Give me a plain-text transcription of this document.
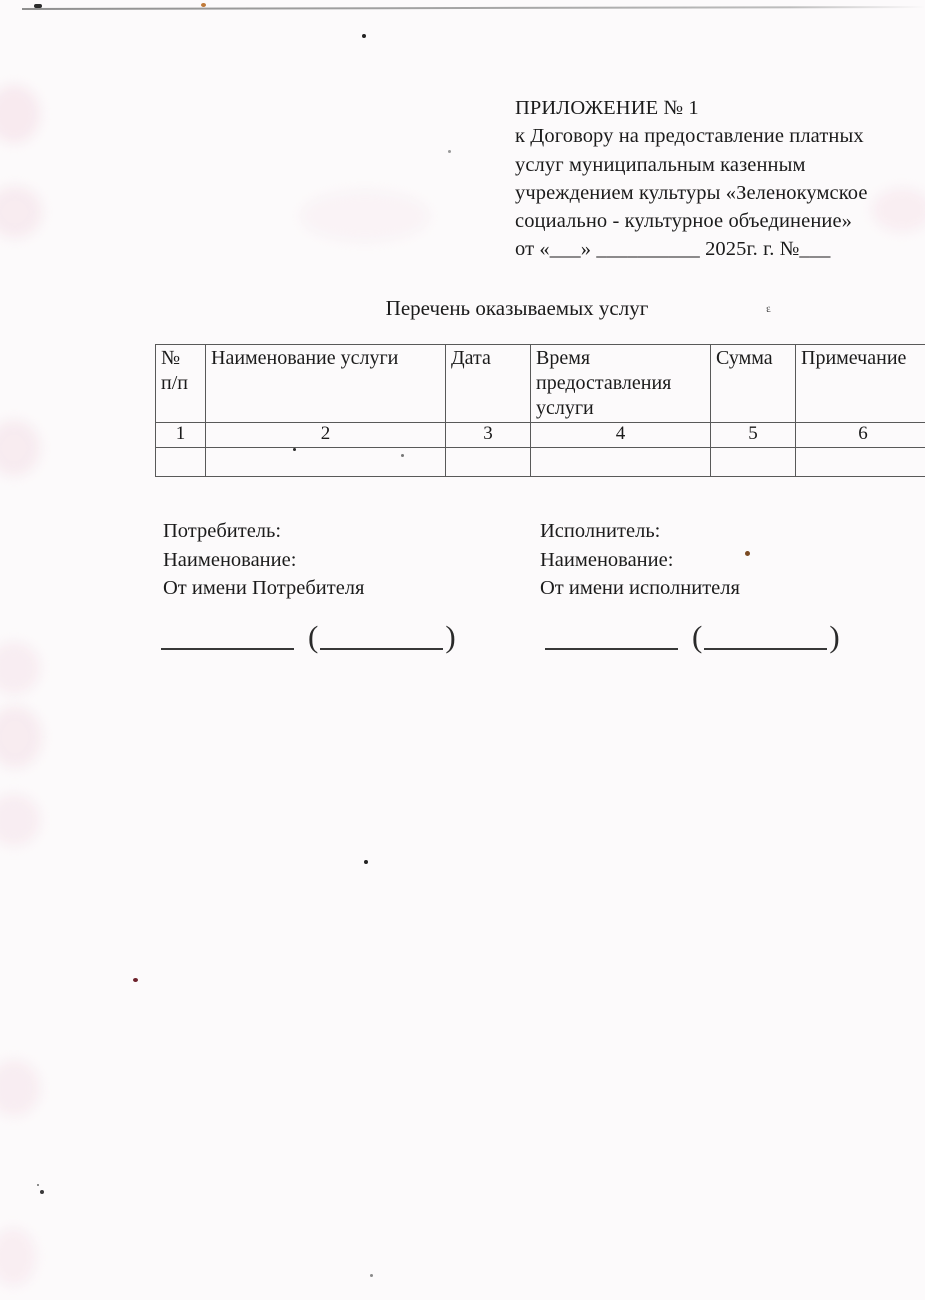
ПРИЛОЖЕНИЕ № 1
к Договору на предоставление платных
услуг муниципальным казенным
учреждением культуры «Зеленокумское
социально - культурное объединение»
от «___» __________ 2025г. г. №___
Перечень оказываемых услуг	ε
№ п/п	Наименование услуги	Дата	Время предоставления услуги	Сумма	Примечание
1	2	3	4	5	6

Потребитель:
Наименование:
От имени Потребителя
Исполнитель:
Наименование:
От имени исполнителя
(	)	(	)
